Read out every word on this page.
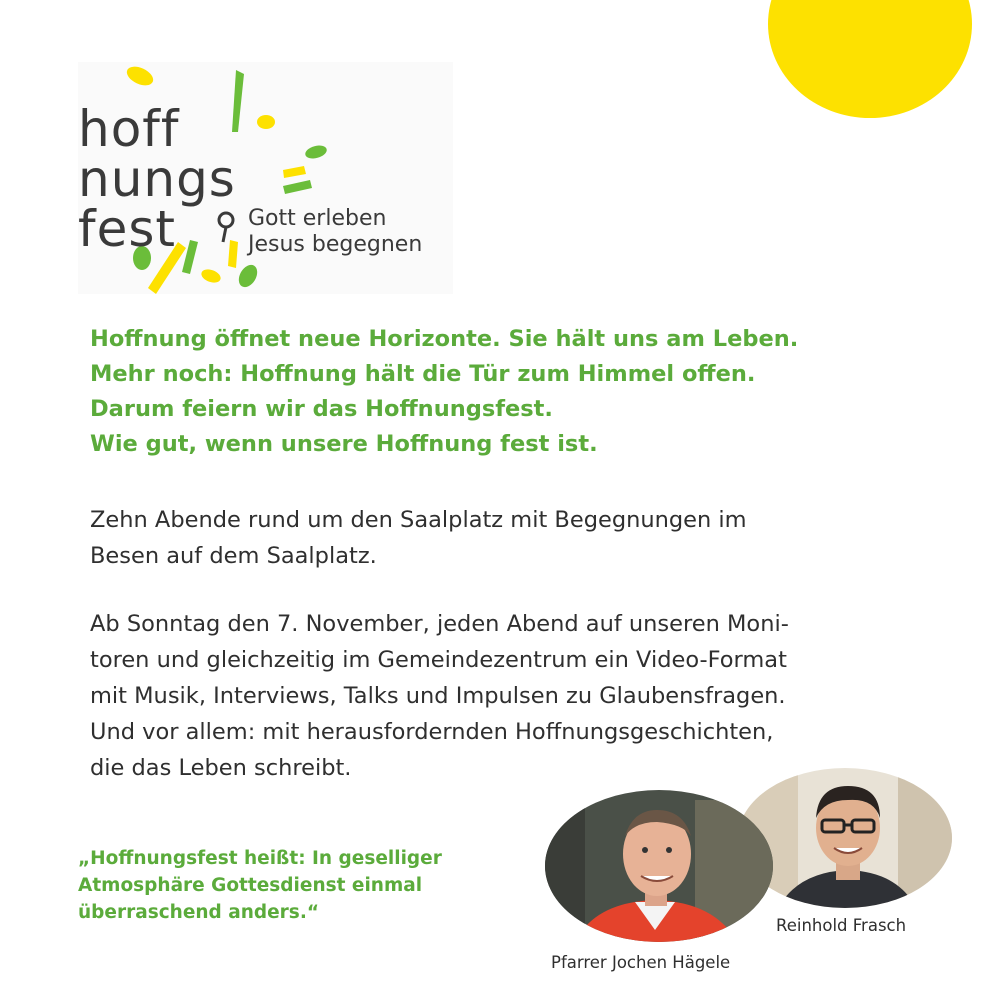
hoff
nungs
fest	Gott erleben
Jesus begegnen

Hoffnung öffnet neue Horizonte. Sie hält uns am Leben.

Mehr noch: Hoffnung hält die Tür zum Himmel offen.

Darum feiern wir das Hoffnungsfest.

Wie gut, wenn unsere Hoffnung fest ist.

Zehn Abende rund um den Saalplatz mit Begegnungen im

Besen auf dem Saalplatz.

Ab Sonntag den 7. November, jeden Abend auf unseren Moni-

toren und gleichzeitig im Gemeindezentrum ein Video-Format

mit Musik, Interviews, Talks und Impulsen zu Glaubensfragen.

Und vor allem: mit herausfordernden Hoffnungsgeschichten,

die das Leben schreibt.

„Hoffnungsfest heißt: In geselliger
Atmosphäre Gottesdienst einmal
überraschend anders.“
Reinhold Frasch
Pfarrer Jochen Hägele
